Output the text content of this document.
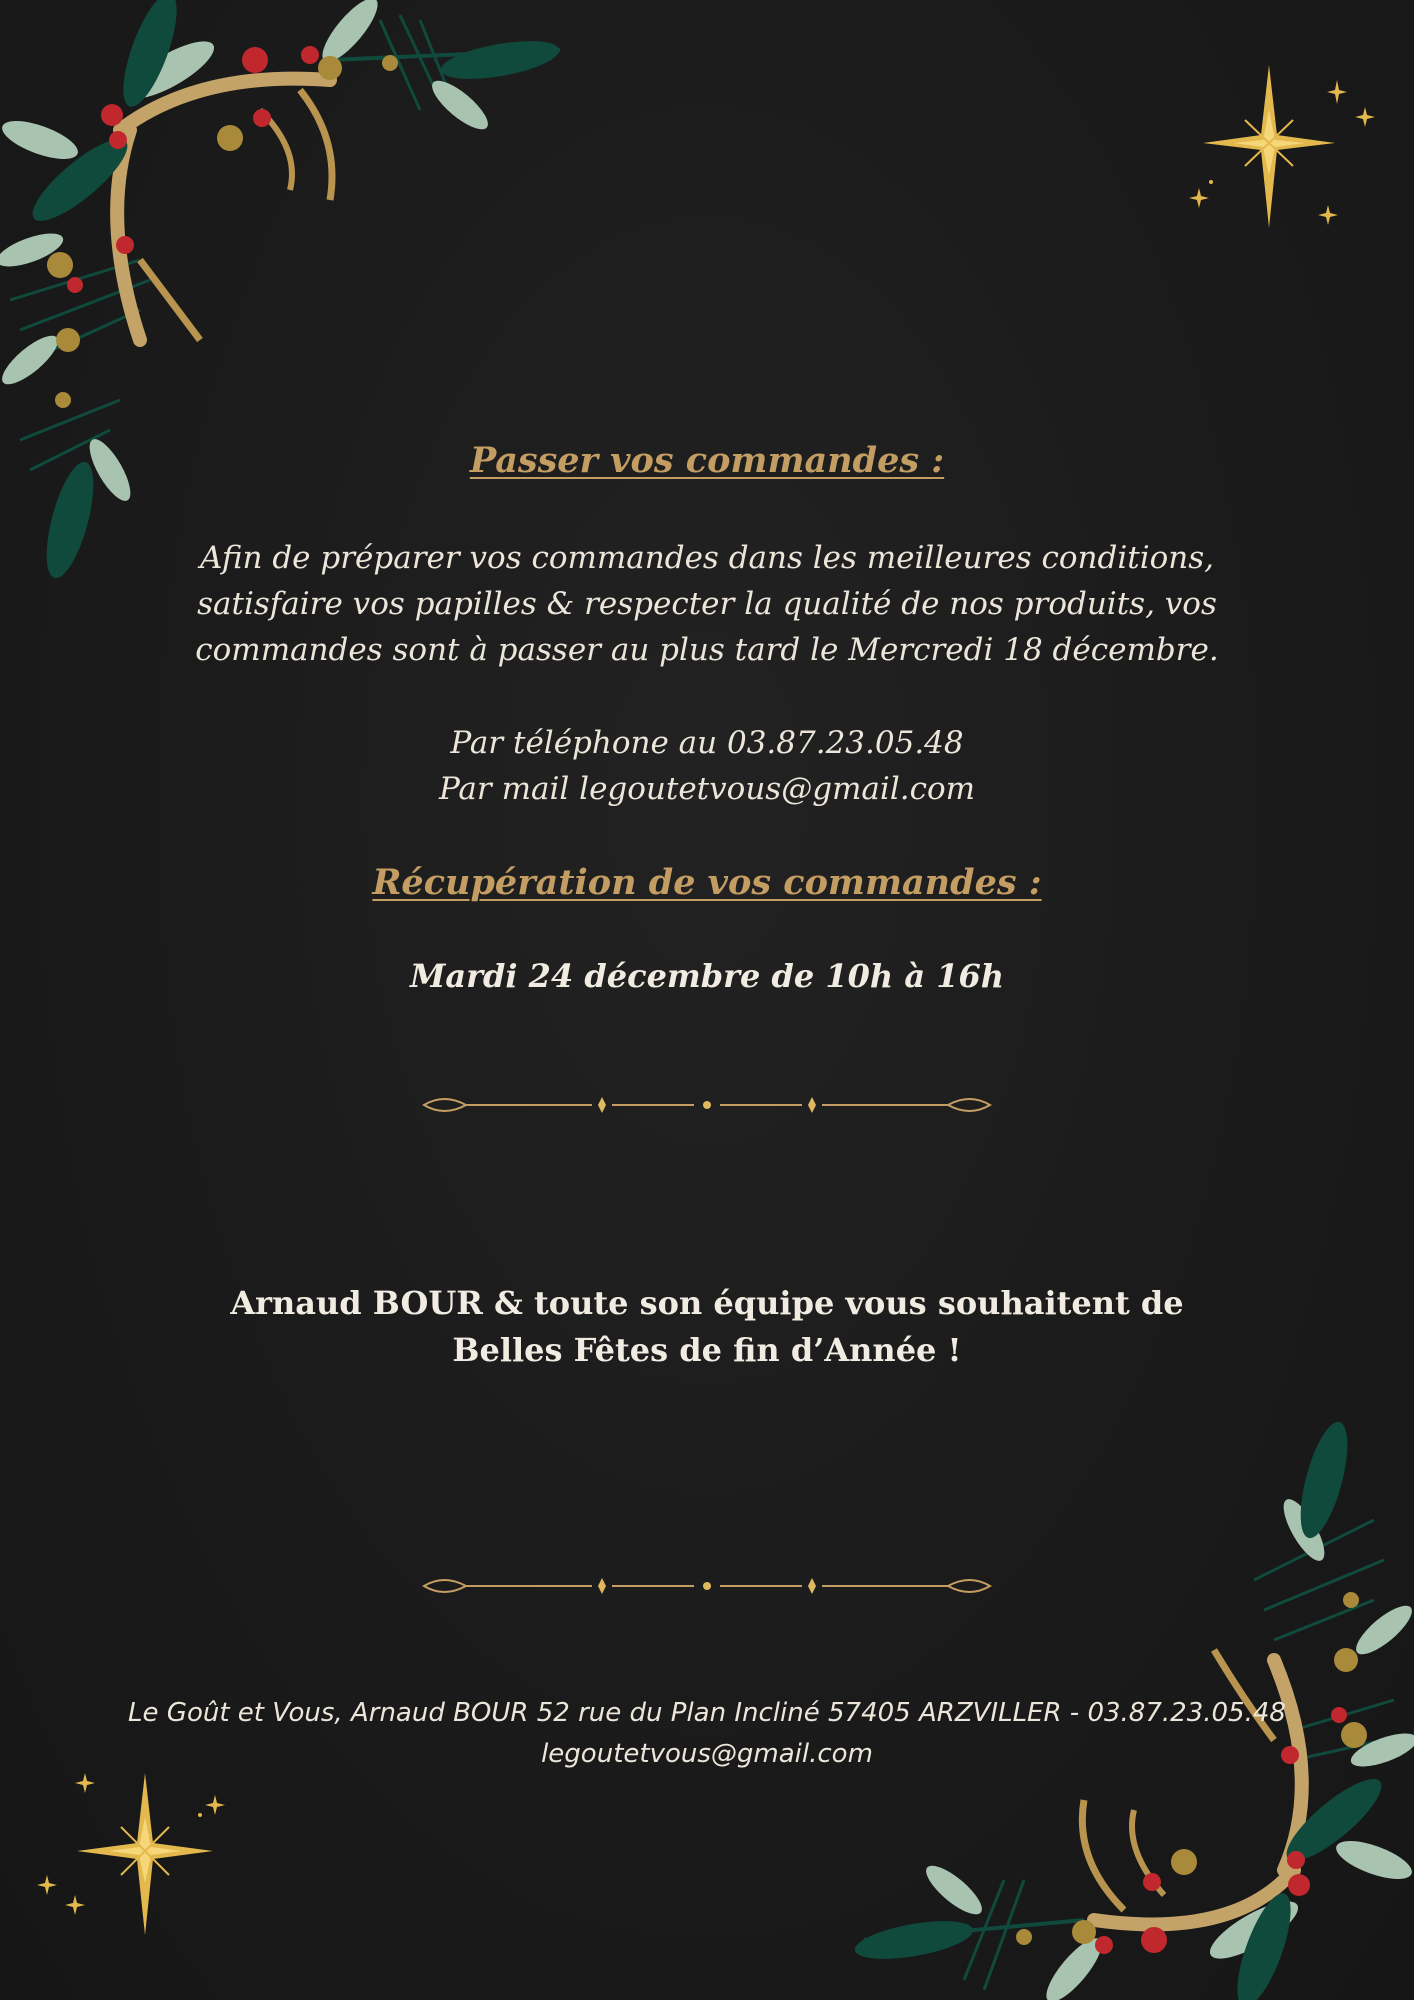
Passer vos commandes :
Afin de préparer vos commandes dans les meilleures conditions,
satisfaire vos papilles & respecter la qualité de nos produits, vos
commandes sont à passer au plus tard le Mercredi 18 décembre.
Par téléphone au 03.87.23.05.48
Par mail legoutetvous@gmail.com
Récupération de vos commandes :
Mardi 24 décembre de 10h à 16h
Arnaud BOUR & toute son équipe vous souhaitent de
Belles Fêtes de fin d’Année !
Le Goût et Vous, Arnaud BOUR 52 rue du Plan Incliné 57405 ARZVILLER - 03.87.23.05.48
legoutetvous@gmail.com
